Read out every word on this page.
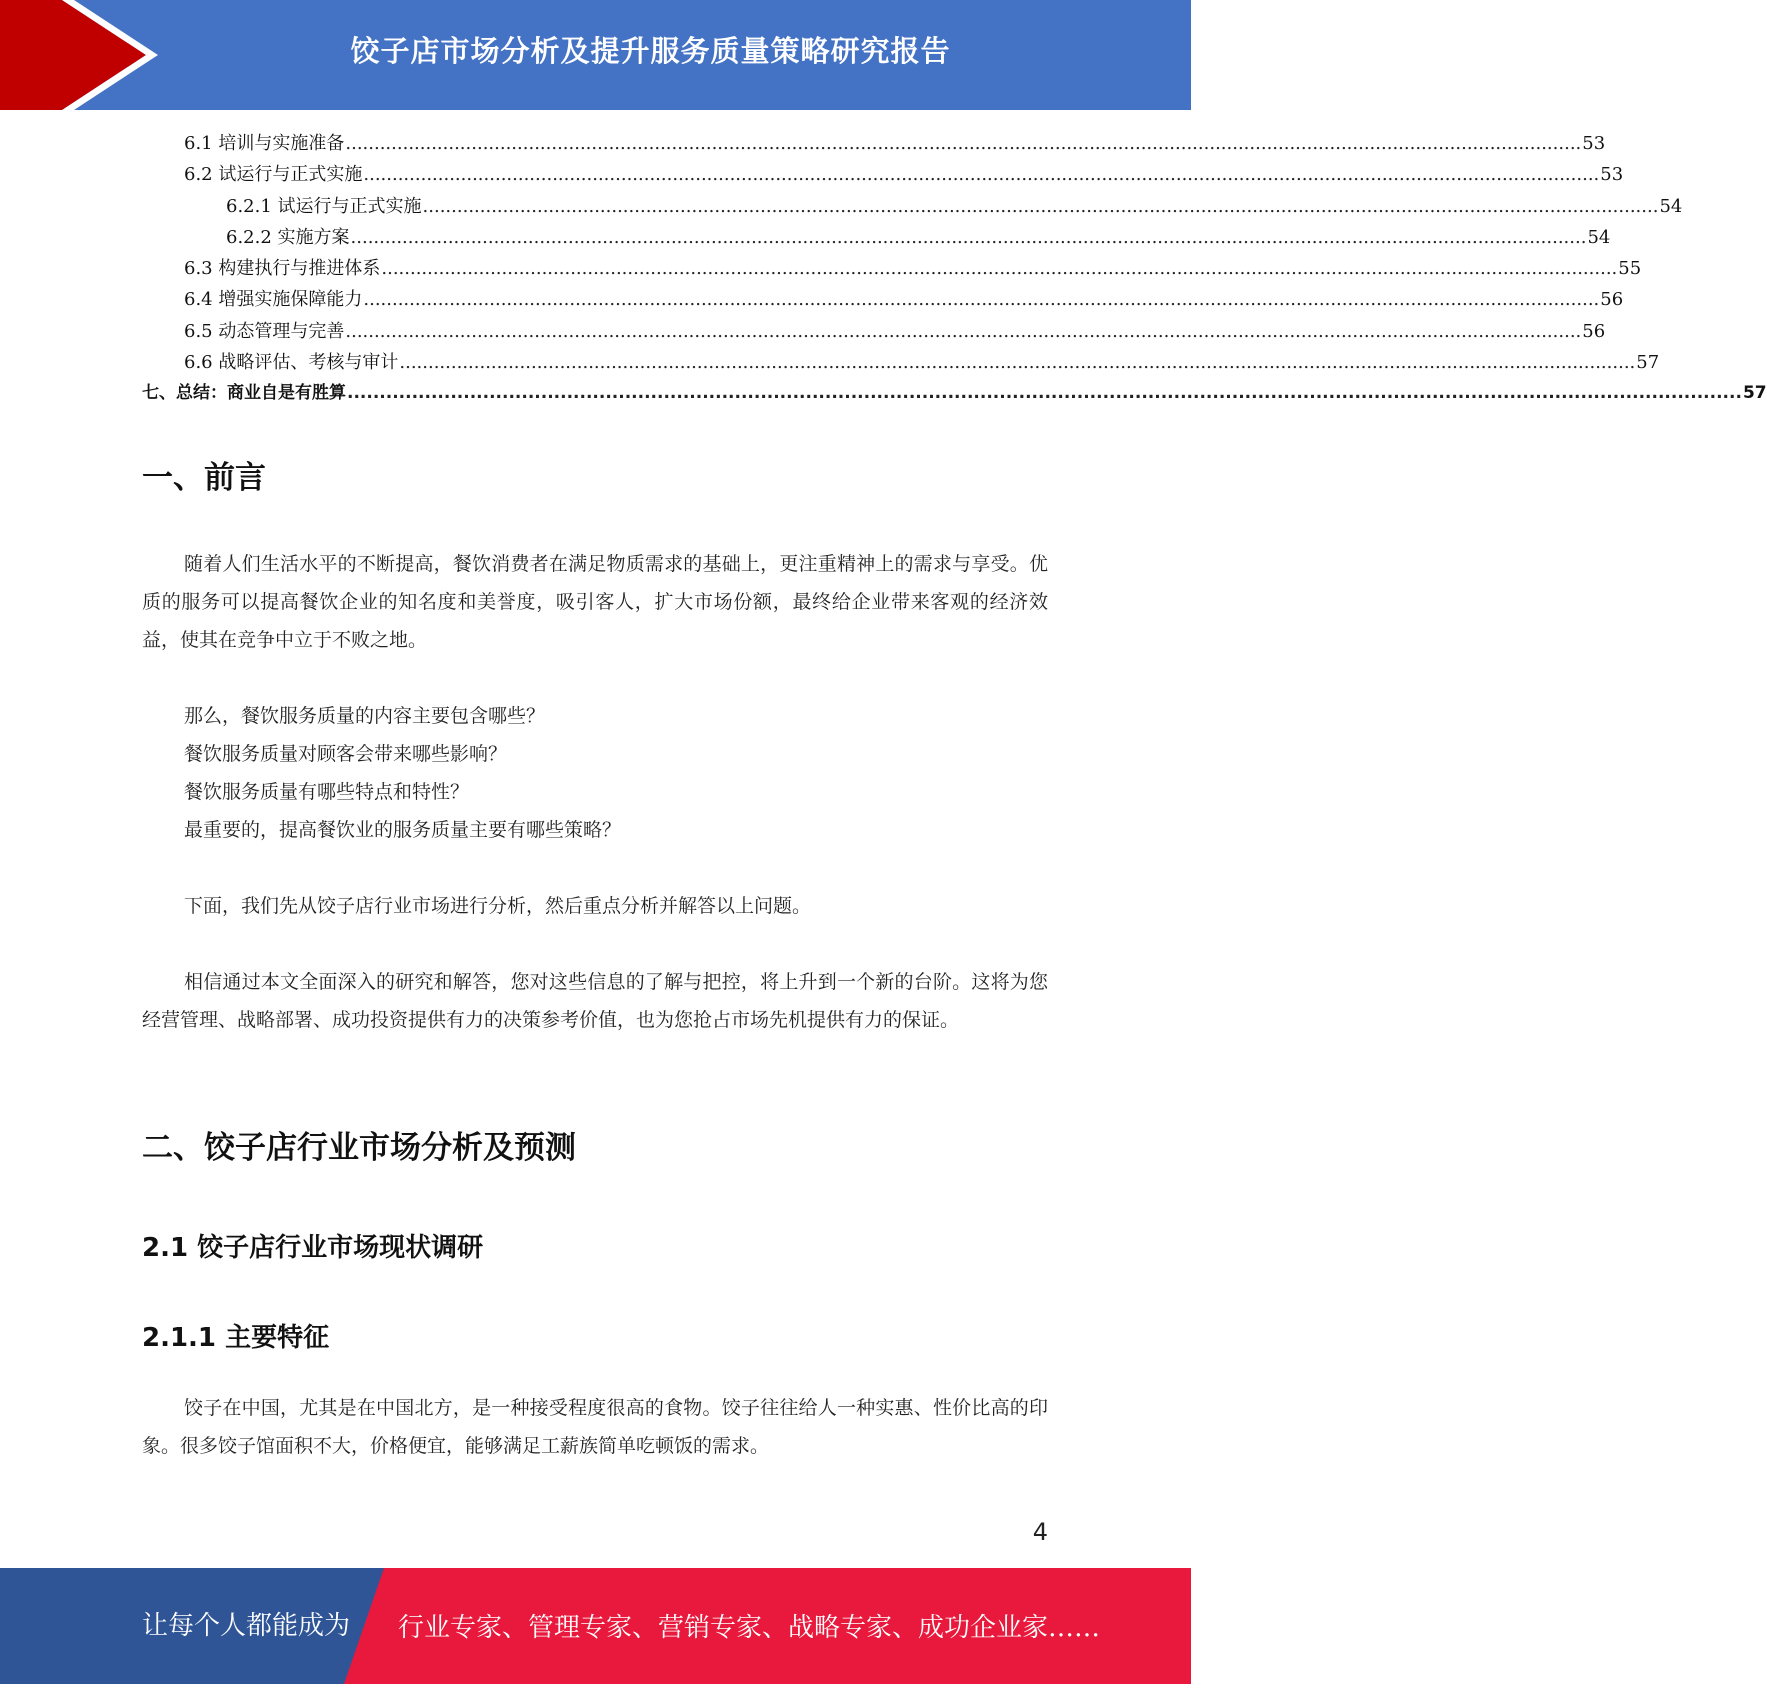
饺子店市场分析及提升服务质量策略研究报告
6.1
培训与实施准备 ........................................................................................................................................................................................................................ 53
6.2
试运行与正式实施 ........................................................................................................................................................................................................................ 53
6.2.1
试运行与正式实施 ........................................................................................................................................................................................................................ 54
6.2.2
实施方案 ........................................................................................................................................................................................................................ 54
6.3
构建执行与推进体系 ........................................................................................................................................................................................................................ 55
6.4
增强实施保障能力 ........................................................................................................................................................................................................................ 56
6.5
动态管理与完善 ........................................................................................................................................................................................................................ 56
6.6
战略评估、考核与审计 ........................................................................................................................................................................................................................ 57
七、 总结：商业自是有胜算 ........................................................................................................................................................................................................................ 57
一、前言

随着人们生活水平的不断提高，餐饮消费者在满足物质需求的基础上，更注重精神上的需求与享受。优质的服务可以提高餐饮企业的知名度和美誉度，吸引客人，扩大市场份额，最终给企业带来客观的经济效益，使其在竞争中立于不败之地。

那么，餐饮服务质量的内容主要包含哪些？
餐饮服务质量对顾客会带来哪些影响？
餐饮服务质量有哪些特点和特性？
最重要的，提高餐饮业的服务质量主要有哪些策略？

下面，我们先从饺子店行业市场进行分析，然后重点分析并解答以上问题。

相信通过本文全面深入的研究和解答，您对这些信息的了解与把控，将上升到一个新的台阶。这将为您经营管理、战略部署、成功投资提供有力的决策参考价值，也为您抢占市场先机提供有力的保证。

二、饺子店行业市场分析及预测
2.1 饺子店行业市场现状调研
2.1.1 主要特征

饺子在中国，尤其是在中国北方，是一种接受程度很高的食物。饺子往往给人一种实惠、性价比高的印象。很多饺子馆面积不大，价格便宜，能够满足工薪族简单吃顿饭的需求。

4
让每个人都能成为 行业专家、管理专家、营销专家、战略专家、成功企业家……
